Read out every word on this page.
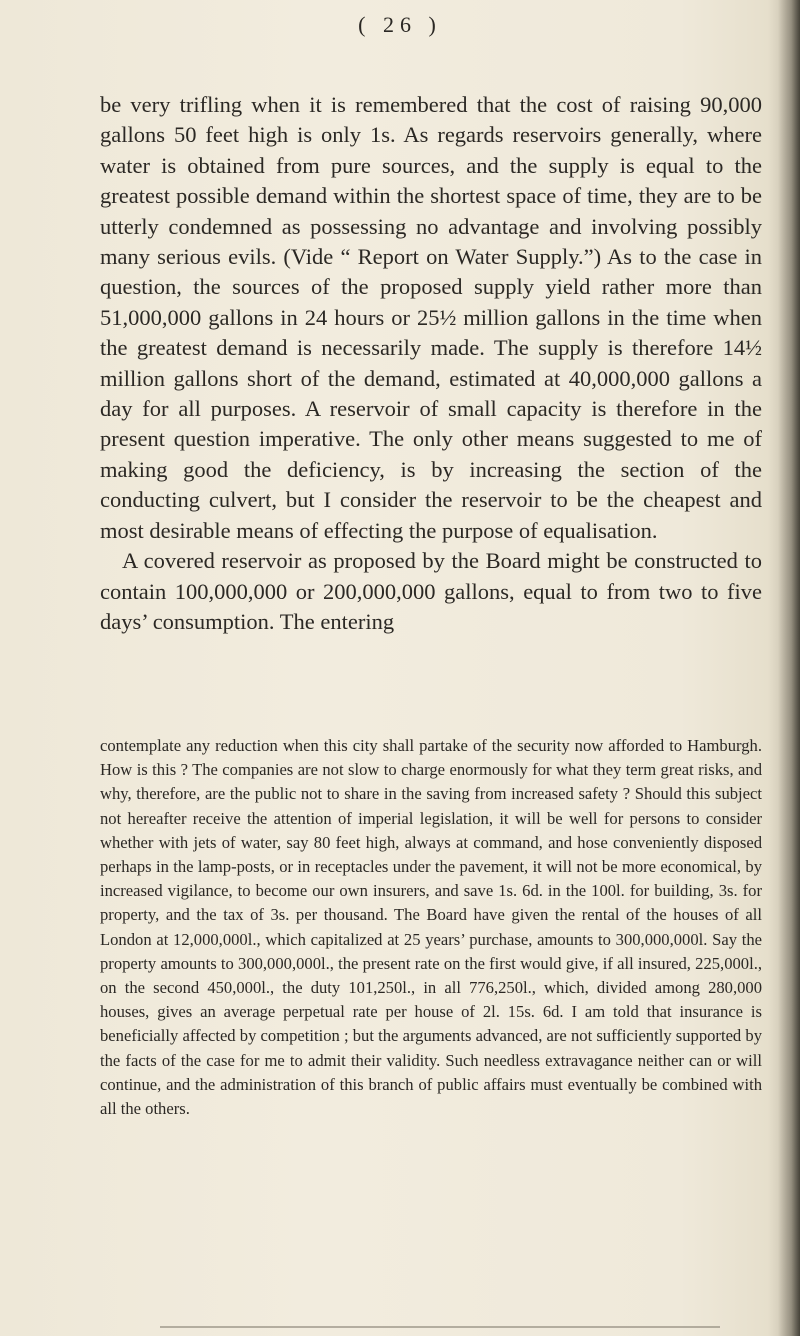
( 26 )

be very trifling when it is remembered that the cost of raising 90,000 gallons 50 feet high is only 1s. As regards reservoirs generally, where water is obtained from pure sources, and the supply is equal to the greatest possible demand within the shortest space of time, they are to be utterly condemned as possessing no advantage and involving possibly many serious evils. (Vide “ Report on Water Supply.”) As to the case in question, the sources of the proposed supply yield rather more than 51,000,000 gallons in 24 hours or 25½ million gallons in the time when the greatest demand is necessarily made. The supply is therefore 14½ million gallons short of the demand, estimated at 40,000,000 gallons a day for all purposes. A reservoir of small capacity is therefore in the present question imperative. The only other means suggested to me of making good the deficiency, is by increasing the section of the conducting culvert, but I consider the reservoir to be the cheapest and most desirable means of effecting the purpose of equalisation.

A covered reservoir as proposed by the Board might be constructed to contain 100,000,000 or 200,000,000 gallons, equal to from two to five days’ consumption. The entering

contemplate any reduction when this city shall partake of the security now afforded to Hamburgh. How is this ? The companies are not slow to charge enormously for what they term great risks, and why, therefore, are the public not to share in the saving from increased safety ? Should this subject not hereafter receive the attention of imperial legislation, it will be well for persons to consider whether with jets of water, say 80 feet high, always at command, and hose conveniently disposed perhaps in the lamp-posts, or in receptacles under the pavement, it will not be more economical, by increased vigilance, to become our own insurers, and save 1s. 6d. in the 100l. for building, 3s. for property, and the tax of 3s. per thousand. The Board have given the rental of the houses of all London at 12,000,000l., which capitalized at 25 years’ purchase, amounts to 300,000,000l. Say the property amounts to 300,000,000l., the present rate on the first would give, if all insured, 225,000l., on the second 450,000l., the duty 101,250l., in all 776,250l., which, divided among 280,000 houses, gives an average perpetual rate per house of 2l. 15s. 6d. I am told that insurance is beneficially affected by competition ; but the arguments advanced, are not sufficiently supported by the facts of the case for me to admit their validity. Such needless extravagance neither can or will continue, and the administration of this branch of public affairs must eventually be combined with all the others.
